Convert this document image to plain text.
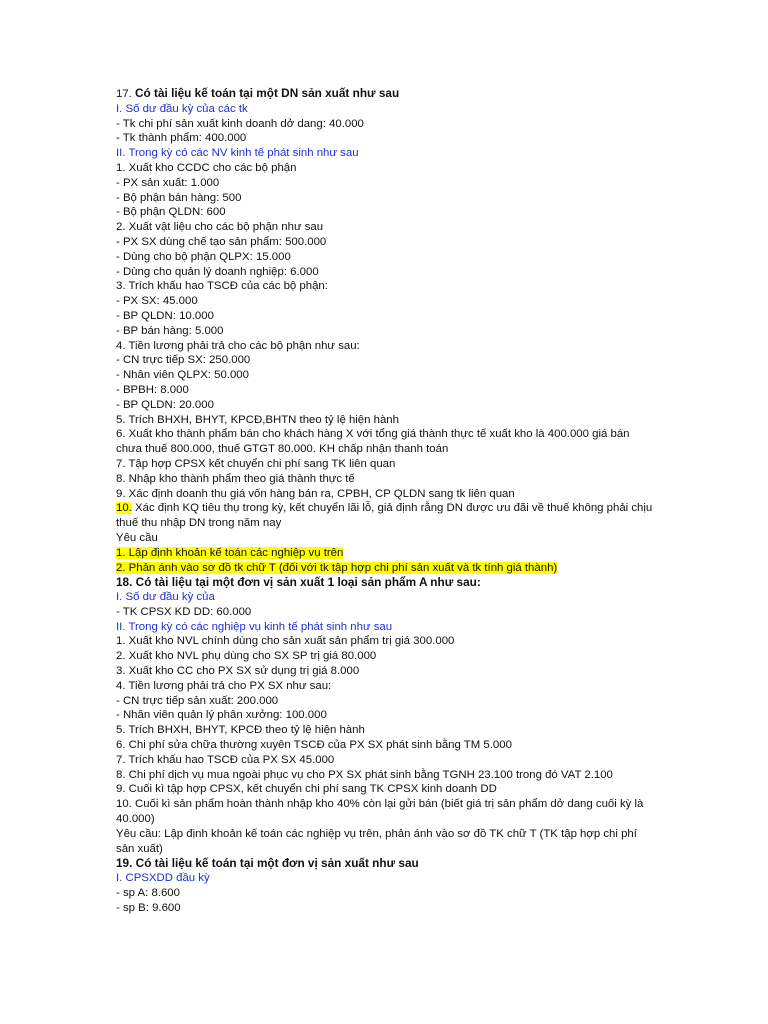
17. Có tài liệu kế toán tại một DN sản xuất như sau
I. Số dư đầu kỳ của các tk
- Tk chi phí sản xuất kinh doanh dở dang: 40.000
- Tk thành phẩm: 400.000
II. Trong kỳ có các NV kinh tế phát sinh như sau
1. Xuất kho CCDC cho các bộ phận
- PX sản xuất: 1.000
- Bộ phận bán hàng: 500
- Bộ phận QLDN: 600
2. Xuất vật liệu cho các bộ phận như sau
- PX SX dùng chế tạo sản phẩm: 500.000
- Dùng cho bộ phận QLPX: 15.000
- Dùng cho quản lý doanh nghiệp: 6.000
3. Trích khấu hao TSCĐ của các bộ phận:
- PX SX: 45.000
- BP QLDN: 10.000
- BP bán hàng: 5.000
4. Tiền lương phải trả cho các bộ phận như sau:
- CN trực tiếp SX: 250.000
- Nhân viên QLPX: 50.000
- BPBH: 8.000
- BP QLDN: 20.000
5. Trích BHXH, BHYT, KPCĐ,BHTN theo tỷ lệ hiện hành
6. Xuất kho thành phẩm bán cho khách hàng X với tổng giá thành thực tế xuất kho là 400.000 giá bán chưa thuế 800.000, thuế GTGT 80.000. KH chấp nhận thanh toán
7. Tập hợp CPSX kết chuyển chi phí sang TK liên quan
8. Nhập kho thành phẩm theo giá thành thực tế
9. Xác định doanh thu giá vốn hàng bán ra, CPBH, CP QLDN sang tk liên quan
10. Xác định KQ tiêu thụ trong kỳ, kết chuyển lãi lỗ, giả định rằng DN được ưu đãi về thuế không phải chịu thuế thu nhập DN trong năm nay
Yêu cầu
1. Lập định khoản kế toán các nghiệp vụ trên
2. Phản ánh vào sơ đồ tk chữ T (đối với tk tập hợp chi phí sản xuất và tk tính giá thành)
18. Có tài liệu tại một đơn vị sản xuất 1 loại sản phẩm A như sau:
I. Số dư đầu kỳ của
- TK CPSX KD DD: 60.000
II. Trong kỳ có các nghiệp vụ kinh tế phát sinh như sau
1. Xuất kho NVL chính dùng cho sản xuất sản phẩm trị giá 300.000
2. Xuất kho NVL phụ dùng cho SX SP trị giá 80.000
3. Xuất kho CC cho PX SX sử dụng trị giá 8.000
4. Tiền lương phải trả cho PX SX như sau:
- CN trực tiếp sản xuất: 200.000
- Nhân viên quản lý phân xưởng: 100.000
5. Trích BHXH, BHYT, KPCĐ theo tỷ lệ hiện hành
6. Chi phí sửa chữa thường xuyên TSCĐ của PX SX phát sinh bằng TM 5.000
7. Trích khấu hao TSCĐ của PX SX 45.000
8. Chi phí dịch vụ mua ngoài phục vụ cho PX SX phát sinh bằng TGNH 23.100 trong đó VAT 2.100
9. Cuối kì tập hợp CPSX, kết chuyển chi phí sang TK CPSX kinh doanh DD
10. Cuối kì sản phẩm hoàn thành nhập kho 40% còn lại gửi bán (biết giá trị sản phẩm dở dang cuối kỳ là 40.000)
Yêu cầu: Lập định khoản kế toán các nghiệp vụ trên, phản ánh vào sơ đồ TK chữ T (TK tập hợp chi phí sản xuất)
19. Có tài liệu kế toán tại một đơn vị sản xuất như sau
I. CPSXDD đầu kỳ
- sp A: 8.600
- sp B: 9.600
